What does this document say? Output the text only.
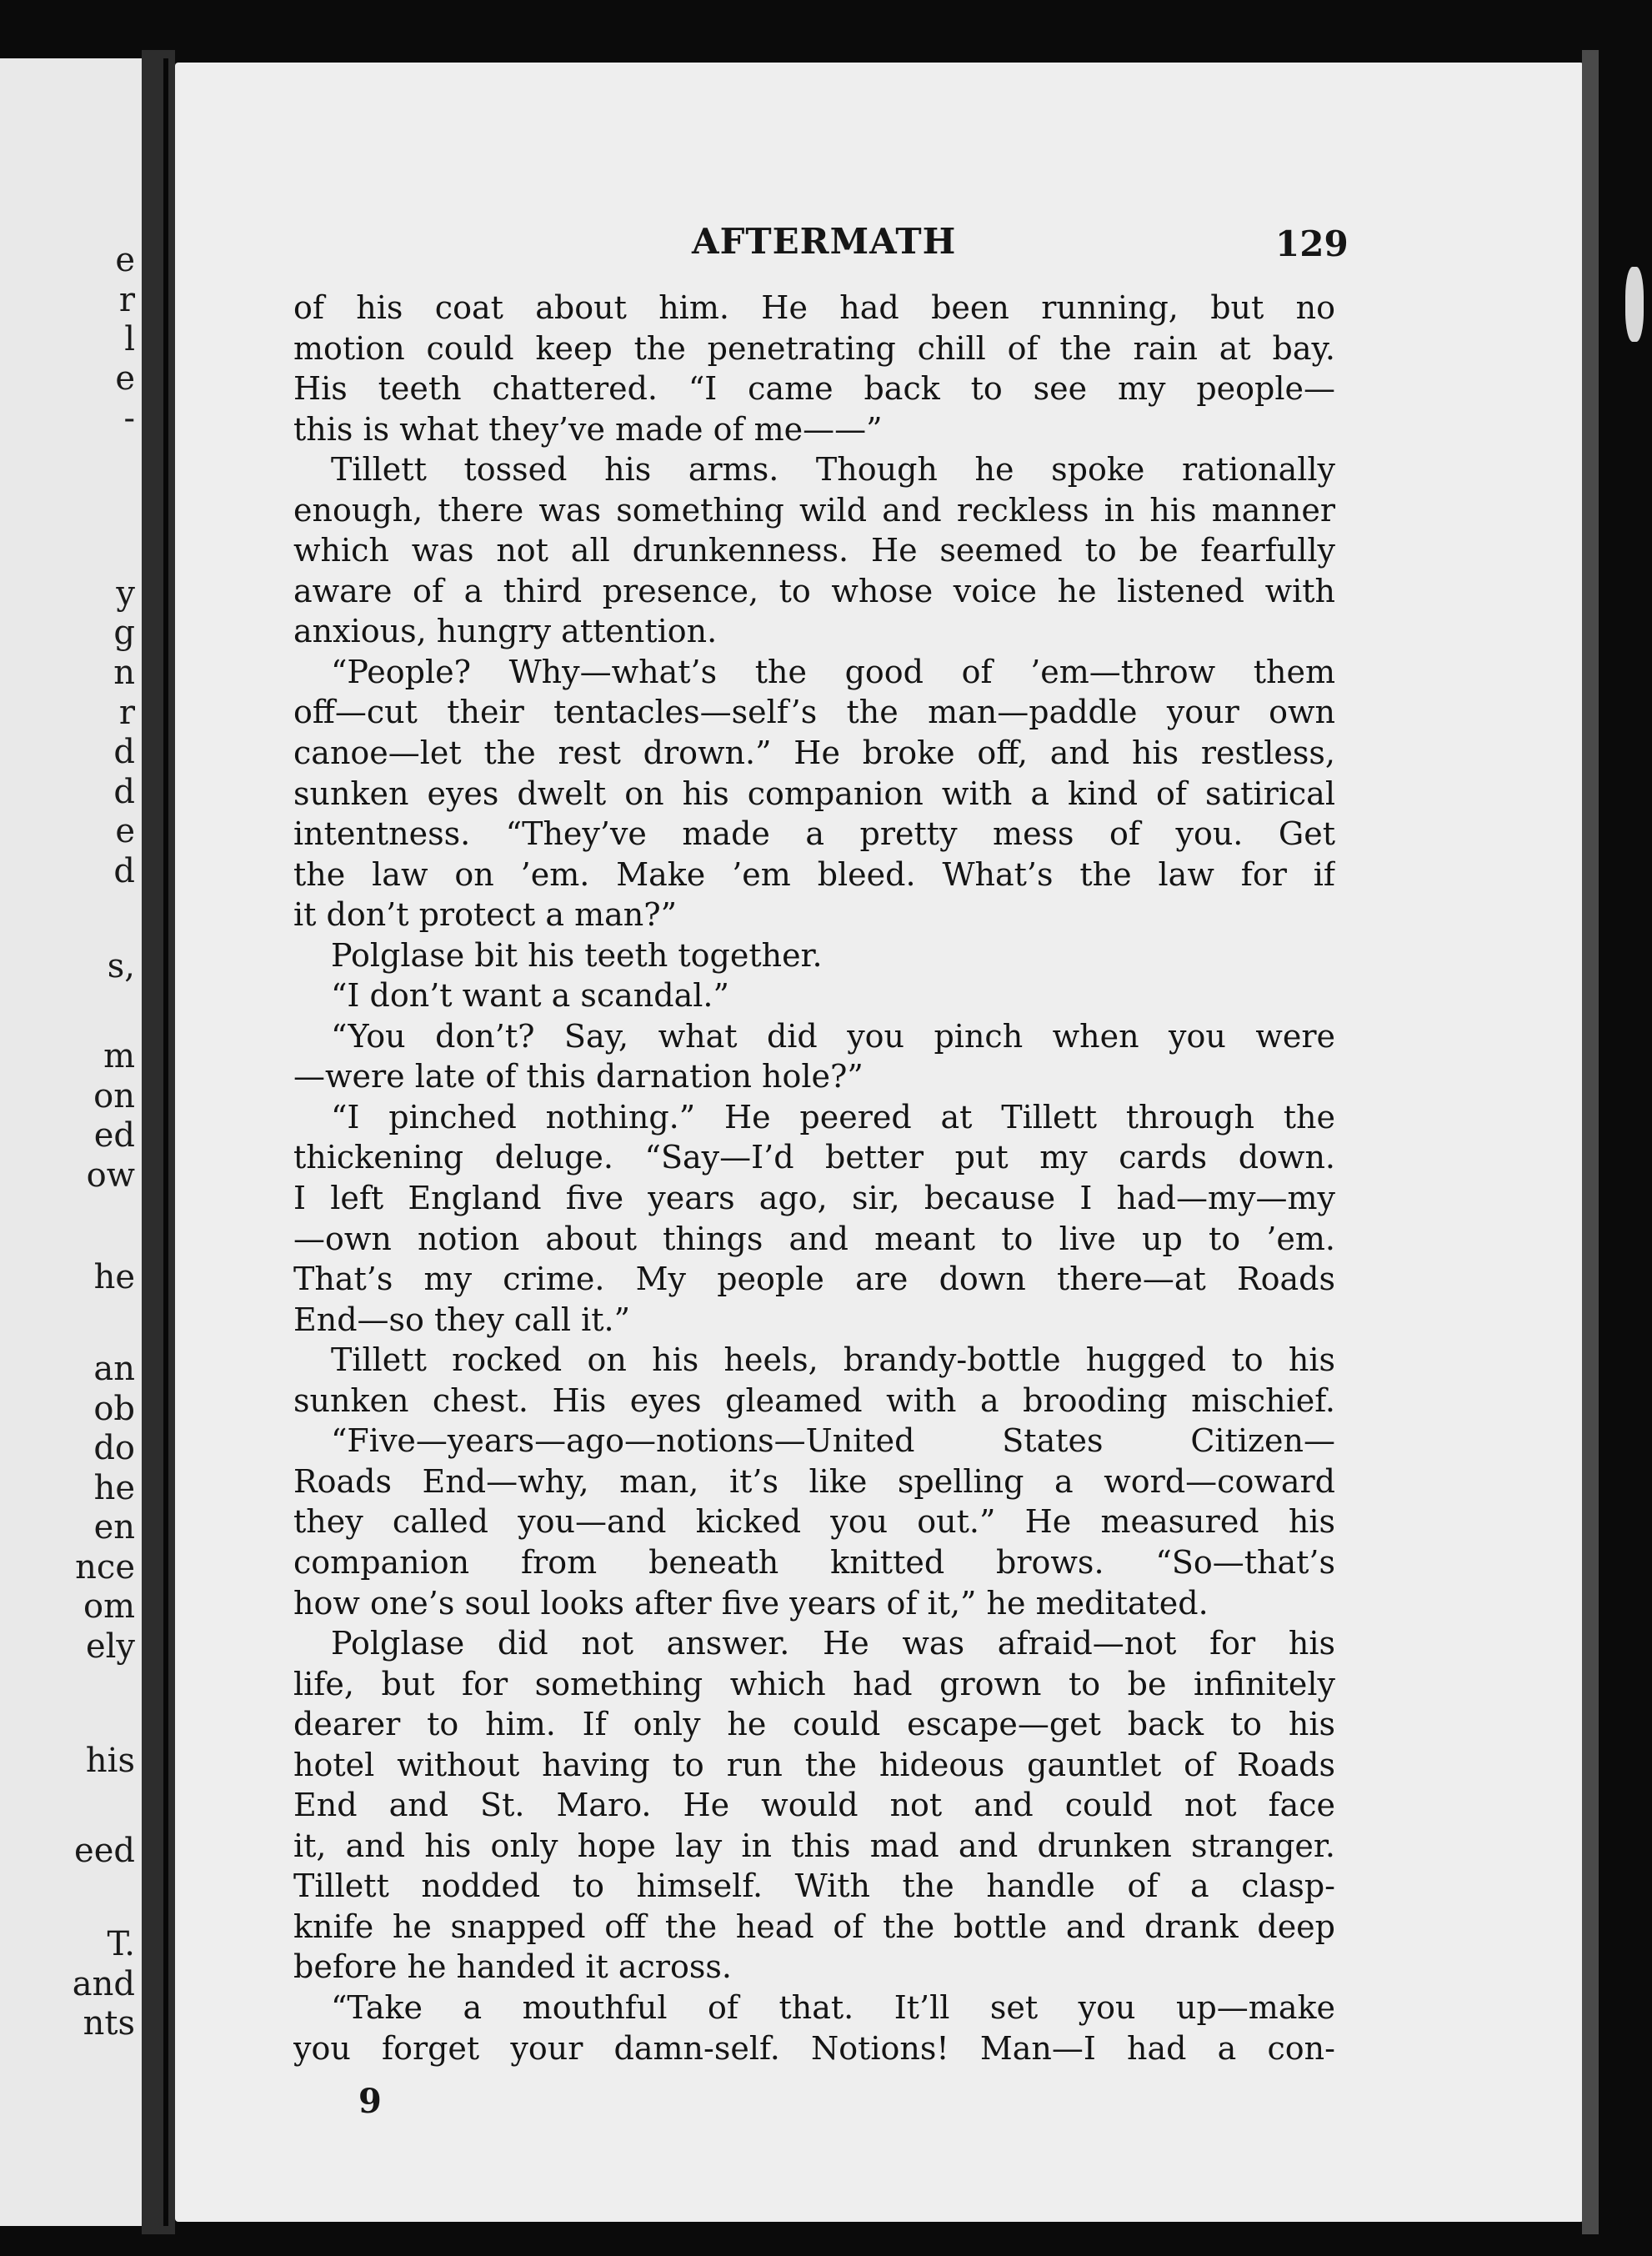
e
r
l
e
-
y
g
n
r
d
d
e
d
s,
m
on
ed
ow
he
an
ob
do
he
en
nce
om
ely
his
eed
T.
and
nts
AFTERMATH	129
of his coat about him. He had been running, but no
motion could keep the penetrating chill of the rain at bay.
His teeth chattered. “I came back to see my people—
this is what they’ve made of me——”
Tillett tossed his arms. Though he spoke rationally
enough, there was something wild and reckless in his manner
which was not all drunkenness. He seemed to be fearfully
aware of a third presence, to whose voice he listened with
anxious, hungry attention.
“People? Why—what’s the good of ’em—throw them
off—cut their tentacles—self’s the man—paddle your own
canoe—let the rest drown.” He broke off, and his restless,
sunken eyes dwelt on his companion with a kind of satirical
intentness. “They’ve made a pretty mess of you. Get
the law on ’em. Make ’em bleed. What’s the law for if
it don’t protect a man?”
Polglase bit his teeth together.
“I don’t want a scandal.”
“You don’t? Say, what did you pinch when you were
—were late of this darnation hole?”
“I pinched nothing.” He peered at Tillett through the
thickening deluge. “Say—I’d better put my cards down.
I left England five years ago, sir, because I had—my—my
—own notion about things and meant to live up to ’em.
That’s my crime. My people are down there—at Roads
End—so they call it.”
Tillett rocked on his heels, brandy-bottle hugged to his
sunken chest. His eyes gleamed with a brooding mischief.
“Five—years—ago—notions—United States Citizen—
Roads End—why, man, it’s like spelling a word—coward
they called you—and kicked you out.” He measured his
companion from beneath knitted brows. “So—that’s
how one’s soul looks after five years of it,” he meditated.
Polglase did not answer. He was afraid—not for his
life, but for something which had grown to be infinitely
dearer to him. If only he could escape—get back to his
hotel without having to run the hideous gauntlet of Roads
End and St. Maro. He would not and could not face
it, and his only hope lay in this mad and drunken stranger.
Tillett nodded to himself. With the handle of a clasp-
knife he snapped off the head of the bottle and drank deep
before he handed it across.
“Take a mouthful of that. It’ll set you up—make
you forget your damn-self. Notions! Man—I had a con-
9
